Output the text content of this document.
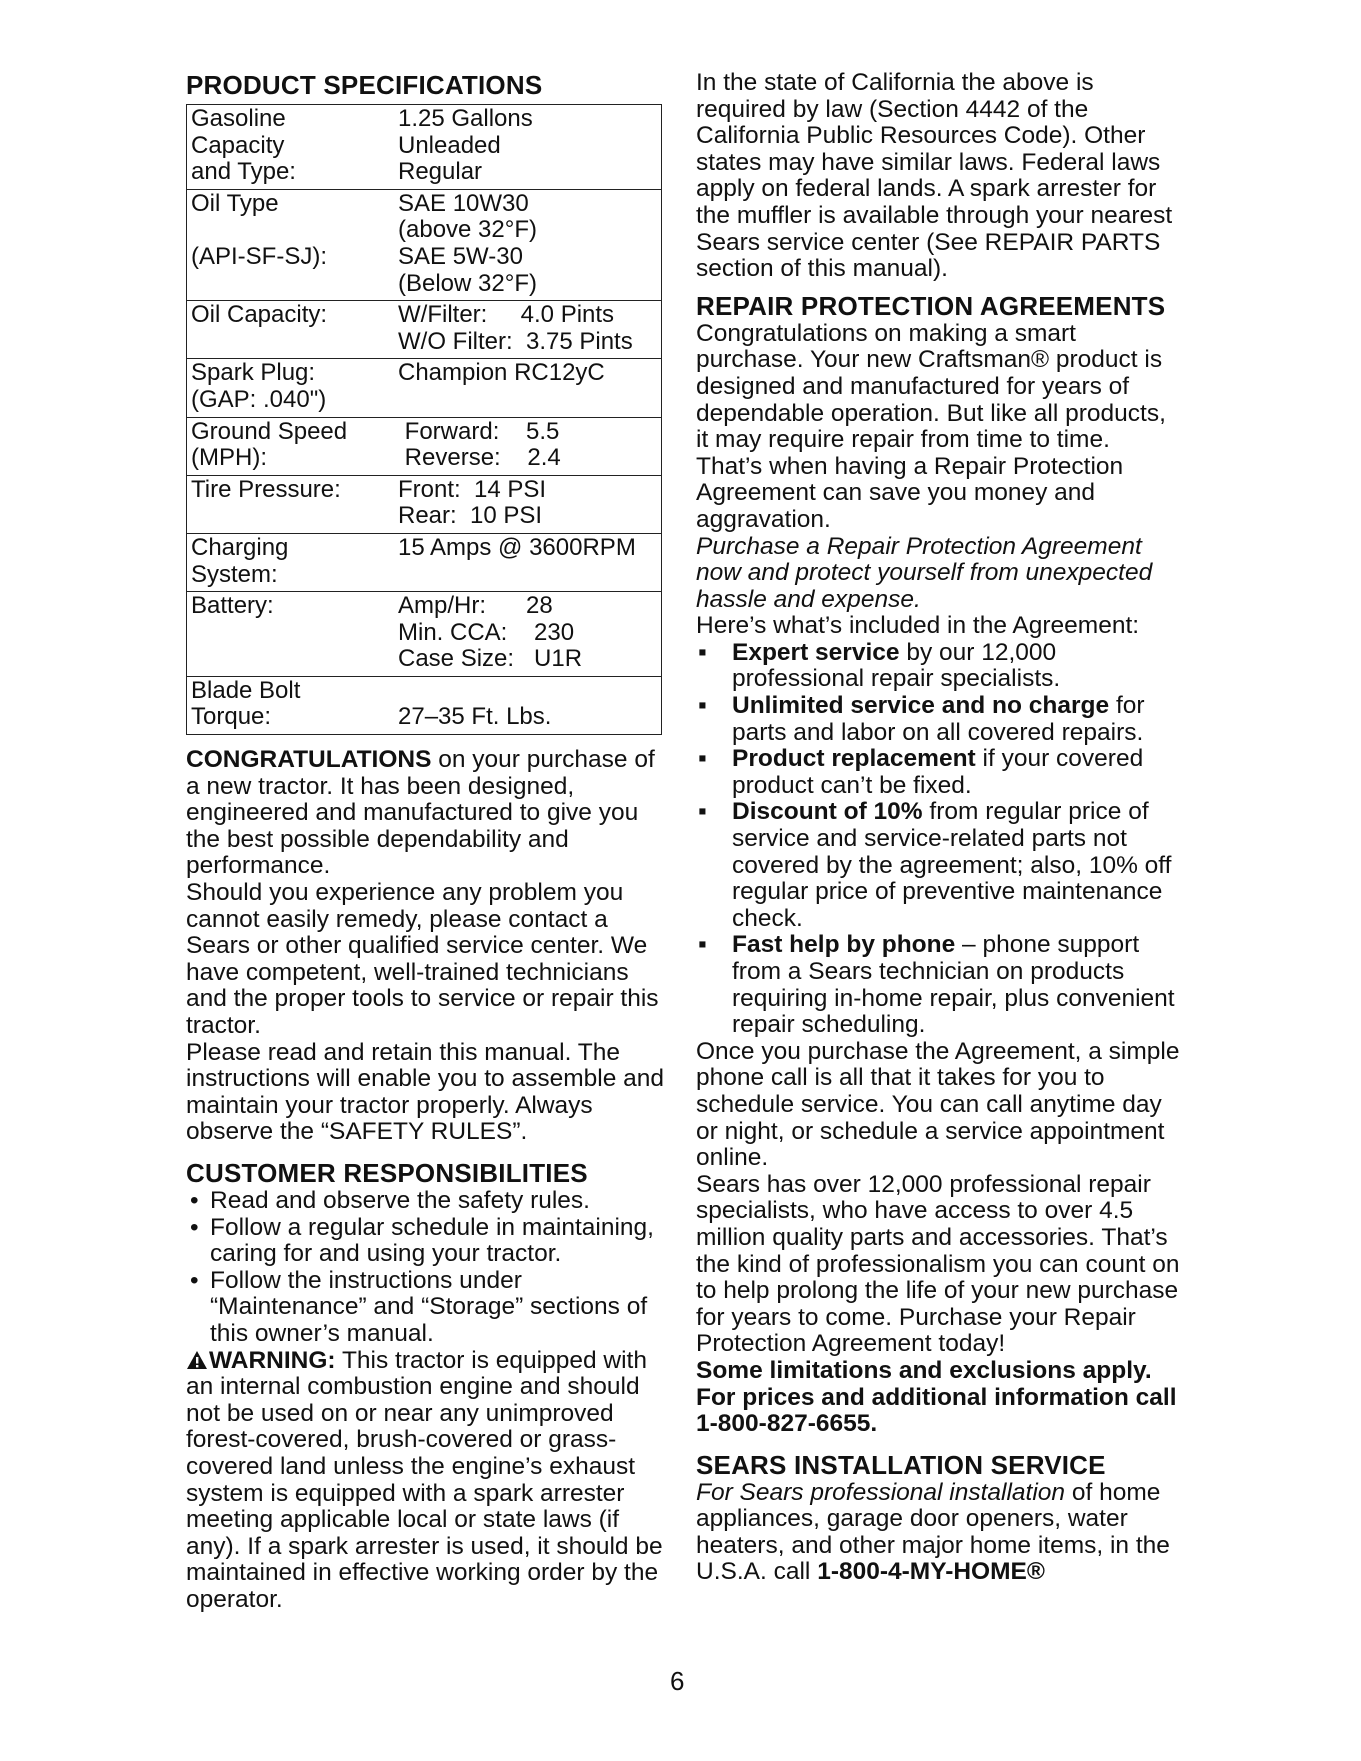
PRODUCT SPECIFICATIONS
Gasoline
Capacity
and Type:	1.25 Gallons
Unleaded
Regular

Oil Type

(API-SF-SJ):	SAE 10W30
(above 32°F)
SAE 5W-30
(Below 32°F)

Oil Capacity:	W/Filter:     4.0 Pints
W/O Filter:  3.75 Pints

Spark Plug:
(GAP: .040")	Champion RC12yC

Ground Speed
(MPH):	Forward:    5.5
Reverse:    2.4

Tire Pressure:	Front:  14 PSI
Rear:  10 PSI

Charging
System:	15 Amps @ 3600RPM

Battery:	Amp/Hr:      28
Min. CCA:    230
Case Size:   U1R

Blade Bolt
Torque:	27–35 Ft. Lbs.

CONGRATULATIONS on your purchase of a new tractor. It has been designed, engineered and manufactured to give you the best possible dependability and performance.

Should you experience any problem you cannot easily remedy, please contact a Sears or other qualified service center. We have competent, well-trained technicians and the proper tools to service or repair this tractor.

Please read and retain this manual. The instructions will enable you to assemble and maintain your tractor properly. Always observe the “SAFETY RULES”.

CUSTOMER RESPONSIBILITIES
• Read and observe the safety rules.
• Follow a regular schedule in maintaining, caring for and using your tractor.
• Follow the instructions under “Maintenance” and “Storage” sections of this owner’s manual.

WARNING: This tractor is equipped with an internal combustion engine and should not be used on or near any unimproved forest-covered, brush-covered or grass-covered land unless the engine’s exhaust system is equipped with a spark arrester meeting applicable local or state laws (if any). If a spark arrester is used, it should be maintained in effective working order by the operator.

In the state of California the above is required by law (Section 4442 of the California Public Resources Code). Other states may have similar laws. Federal laws apply on federal lands. A spark arrester for the muffler is available through your nearest Sears service center (See REPAIR PARTS section of this manual).

REPAIR PROTECTION AGREEMENTS

Congratulations on making a smart purchase. Your new Craftsman® product is designed and manufactured for years of dependable operation. But like all products, it may require repair from time to time. That’s when having a Repair Protection Agreement can save you money and aggravation.

Purchase a Repair Protection Agreement now and protect yourself from unexpected hassle and expense.

Here’s what’s included in the Agreement:

▪ Expert service by our 12,000 professional repair specialists.
▪ Unlimited service and no charge for parts and labor on all covered repairs.
▪ Product replacement if your covered product can’t be fixed.
▪ Discount of 10% from regular price of service and service-related parts not covered by the agreement; also, 10% off regular price of preventive maintenance check.
▪ Fast help by phone – phone support from a Sears technician on products requiring in-home repair, plus convenient repair scheduling.

Once you purchase the Agreement, a simple phone call is all that it takes for you to schedule service. You can call anytime day or night, or schedule a service appointment online.

Sears has over 12,000 professional repair specialists, who have access to over 4.5 million quality parts and accessories. That’s the kind of professionalism you can count on to help prolong the life of your new purchase for years to come. Purchase your Repair Protection Agreement today!

Some limitations and exclusions apply. For prices and additional information call 1-800-827-6655.

SEARS INSTALLATION SERVICE

For Sears professional installation of home appliances, garage door openers, water heaters, and other major home items, in the U.S.A. call 1-800-4-MY-HOME®

6
